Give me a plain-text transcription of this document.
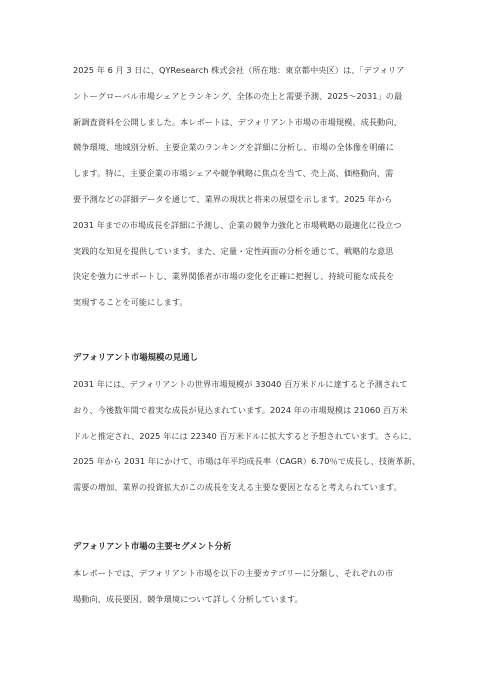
2025 年 6 月 3 日に、QYResearch 株式会社（所在地：東京都中央区）は、「デフォリア
ントーグローバル市場シェアとランキング、全体の売上と需要予測、2025～2031」の最
新調査資料を公開しました。本レポートは、デフォリアント市場の市場規模、成長動向、
競争環境、地域別分析、主要企業のランキングを詳細に分析し、市場の全体像を明確に
します。特に、主要企業の市場シェアや競争戦略に焦点を当て、売上高、価格動向、需
要予測などの詳細データを通じて、業界の現状と将来の展望を示します。2025 年から
2031 年までの市場成長を詳細に予測し、企業の競争力強化と市場戦略の最適化に役立つ
実践的な知見を提供しています。また、定量・定性両面の分析を通じて、戦略的な意思
決定を強力にサポートし、業界関係者が市場の変化を正確に把握し、持続可能な成長を
実現することを可能にします。
デフォリアント市場規模の見通し
2031 年には、デフォリアントの世界市場規模が 33040 百万米ドルに達すると予測されて
おり、今後数年間で着実な成長が見込まれています。2024 年の市場規模は 21060 百万米
ドルと推定され、2025 年には 22340 百万米ドルに拡大すると予想されています。さらに、
2025 年から 2031 年にかけて、市場は年平均成長率（CAGR）6.70％で成長し、技術革新、
需要の増加、業界の投資拡大がこの成長を支える主要な要因となると考えられています。
デフォリアント市場の主要セグメント分析
本レポートでは、デフォリアント市場を以下の主要カテゴリーに分類し、それぞれの市
場動向、成長要因、競争環境について詳しく分析しています。
